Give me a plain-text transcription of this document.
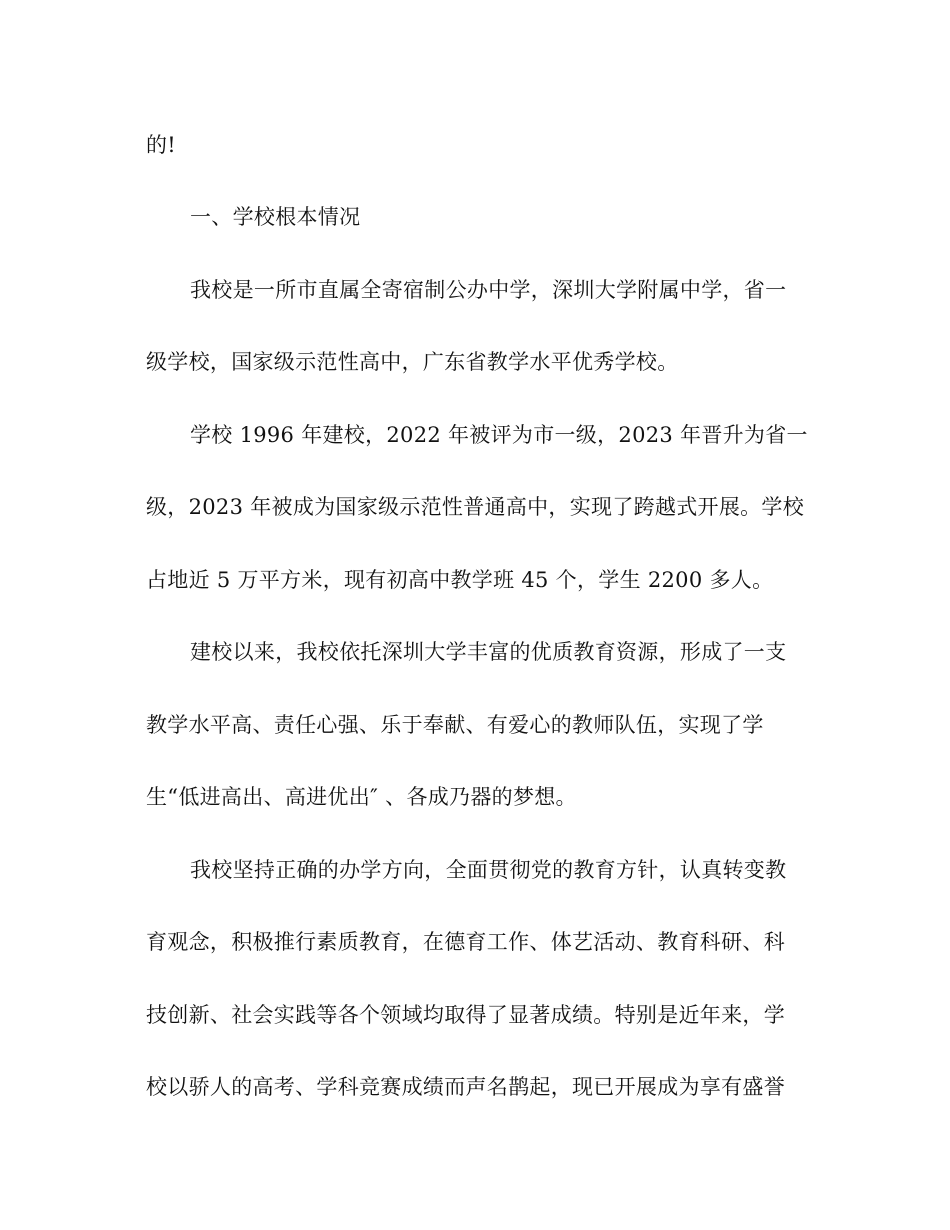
的!
一、学校根本情况
我校是一所市直属全寄宿制公办中学，深圳大学附属中学，省一
级学校，国家级示范性高中，广东省教学水平优秀学校。
学校 1996 年建校，2022 年被评为市一级，2023 年晋升为省一
级，2023 年被成为国家级示范性普通高中，实现了跨越式开展。学校
占地近 5 万平方米，现有初高中教学班 45 个，学生 2200 多人。
建校以来，我校依托深圳大学丰富的优质教育资源，形成了一支
教学水平高、责任心强、乐于奉献、有爱心的教师队伍，实现了学
生“低进高出、高进优出″ 、各成乃器的梦想。
我校坚持正确的办学方向，全面贯彻党的教育方针，认真转变教
育观念，积极推行素质教育，在德育工作、体艺活动、教育科研、科
技创新、社会实践等各个领域均取得了显著成绩。特别是近年来，学
校以骄人的高考、学科竞赛成绩而声名鹊起，现已开展成为享有盛誉
